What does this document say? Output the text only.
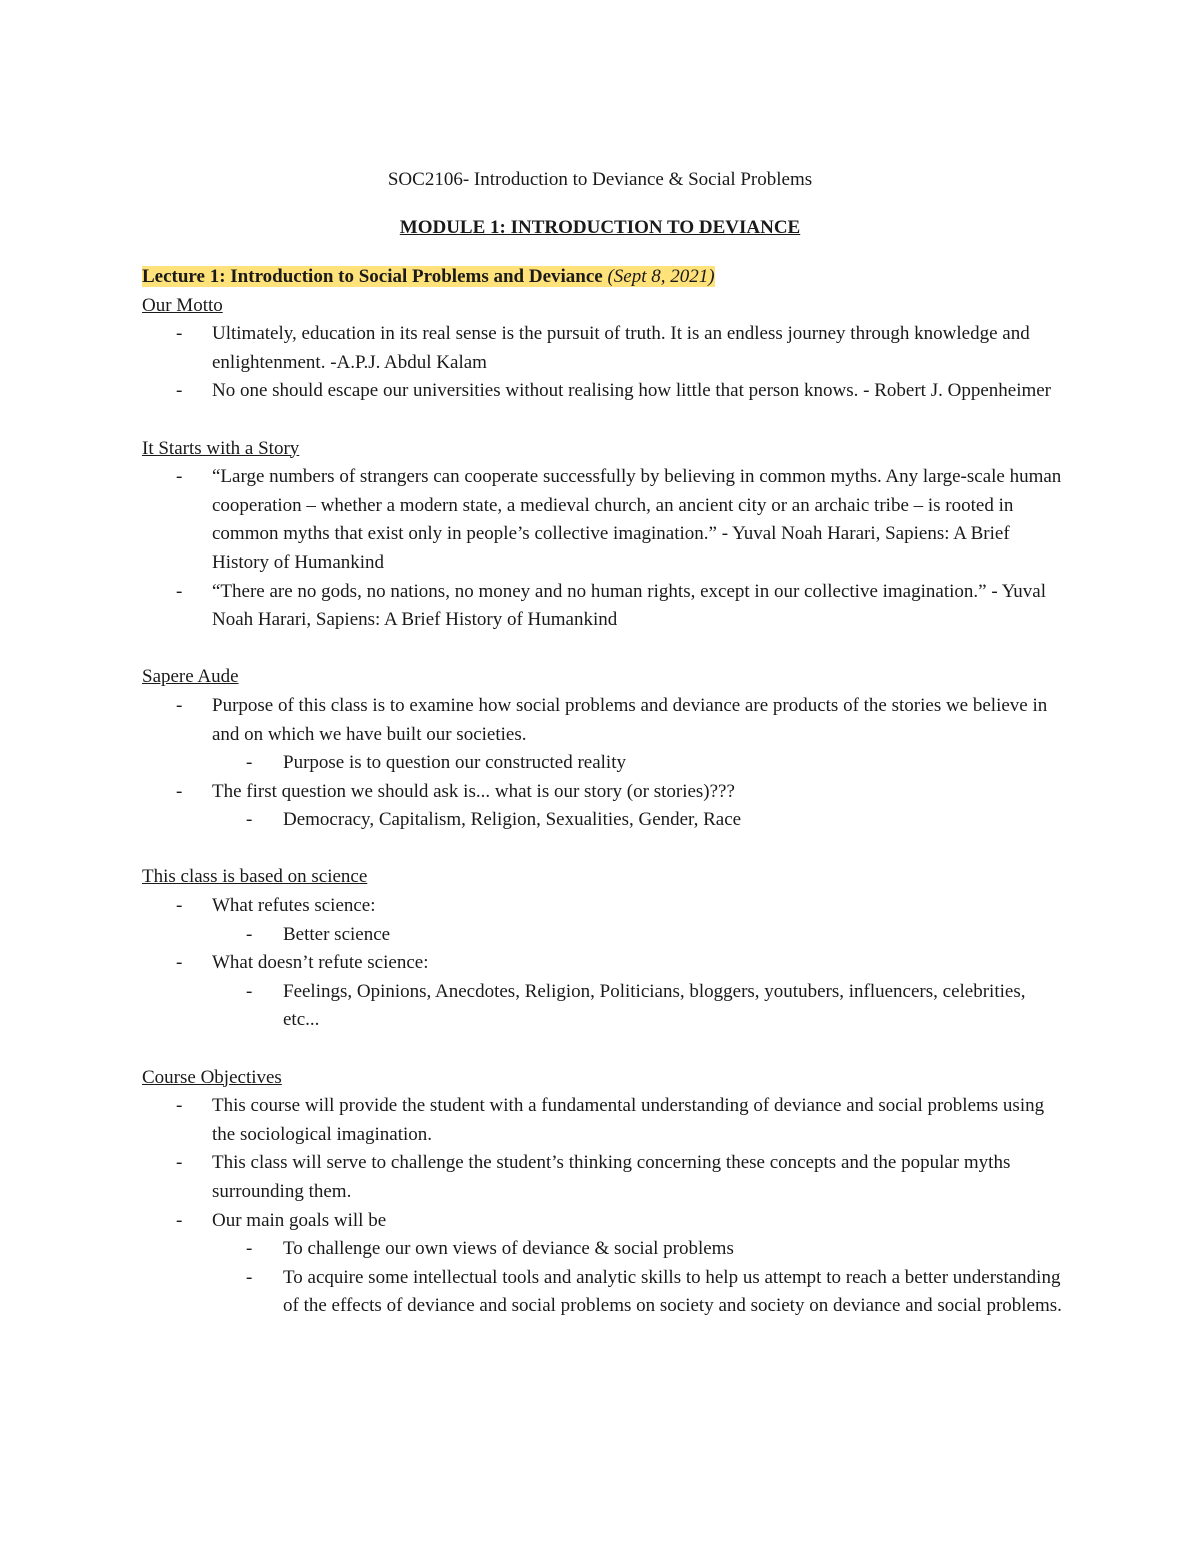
SOC2106- Introduction to Deviance & Social Problems
MODULE 1: INTRODUCTION TO DEVIANCE
Lecture 1: Introduction to Social Problems and Deviance (Sept 8, 2021)
Our Motto
- Ultimately, education in its real sense is the pursuit of truth. It is an endless journey through knowledge and enlightenment. -A.P.J. Abdul Kalam
- No one should escape our universities without realising how little that person knows. - Robert J. Oppenheimer
It Starts with a Story
- “Large numbers of strangers can cooperate successfully by believing in common myths. Any large-scale human cooperation – whether a modern state, a medieval church, an ancient city or an archaic tribe – is rooted in common myths that exist only in people’s collective imagination.” - Yuval Noah Harari, Sapiens: A Brief History of Humankind
- “There are no gods, no nations, no money and no human rights, except in our collective imagination.” - Yuval Noah Harari, Sapiens: A Brief History of Humankind
Sapere Aude
- Purpose of this class is to examine how social problems and deviance are products of the stories we believe in and on which we have built our societies.
- Purpose is to question our constructed reality
- The first question we should ask is... what is our story (or stories)???
- Democracy, Capitalism, Religion, Sexualities, Gender, Race
This class is based on science
- What refutes science:
- Better science
- What doesn’t refute science:
- Feelings, Opinions, Anecdotes, Religion, Politicians, bloggers, youtubers, influencers, celebrities, etc...
Course Objectives
- This course will provide the student with a fundamental understanding of deviance and social problems using the sociological imagination.
- This class will serve to challenge the student’s thinking concerning these concepts and the popular myths surrounding them.
- Our main goals will be
- To challenge our own views of deviance & social problems
- To acquire some intellectual tools and analytic skills to help us attempt to reach a better understanding of the effects of deviance and social problems on society and society on deviance and social problems.
